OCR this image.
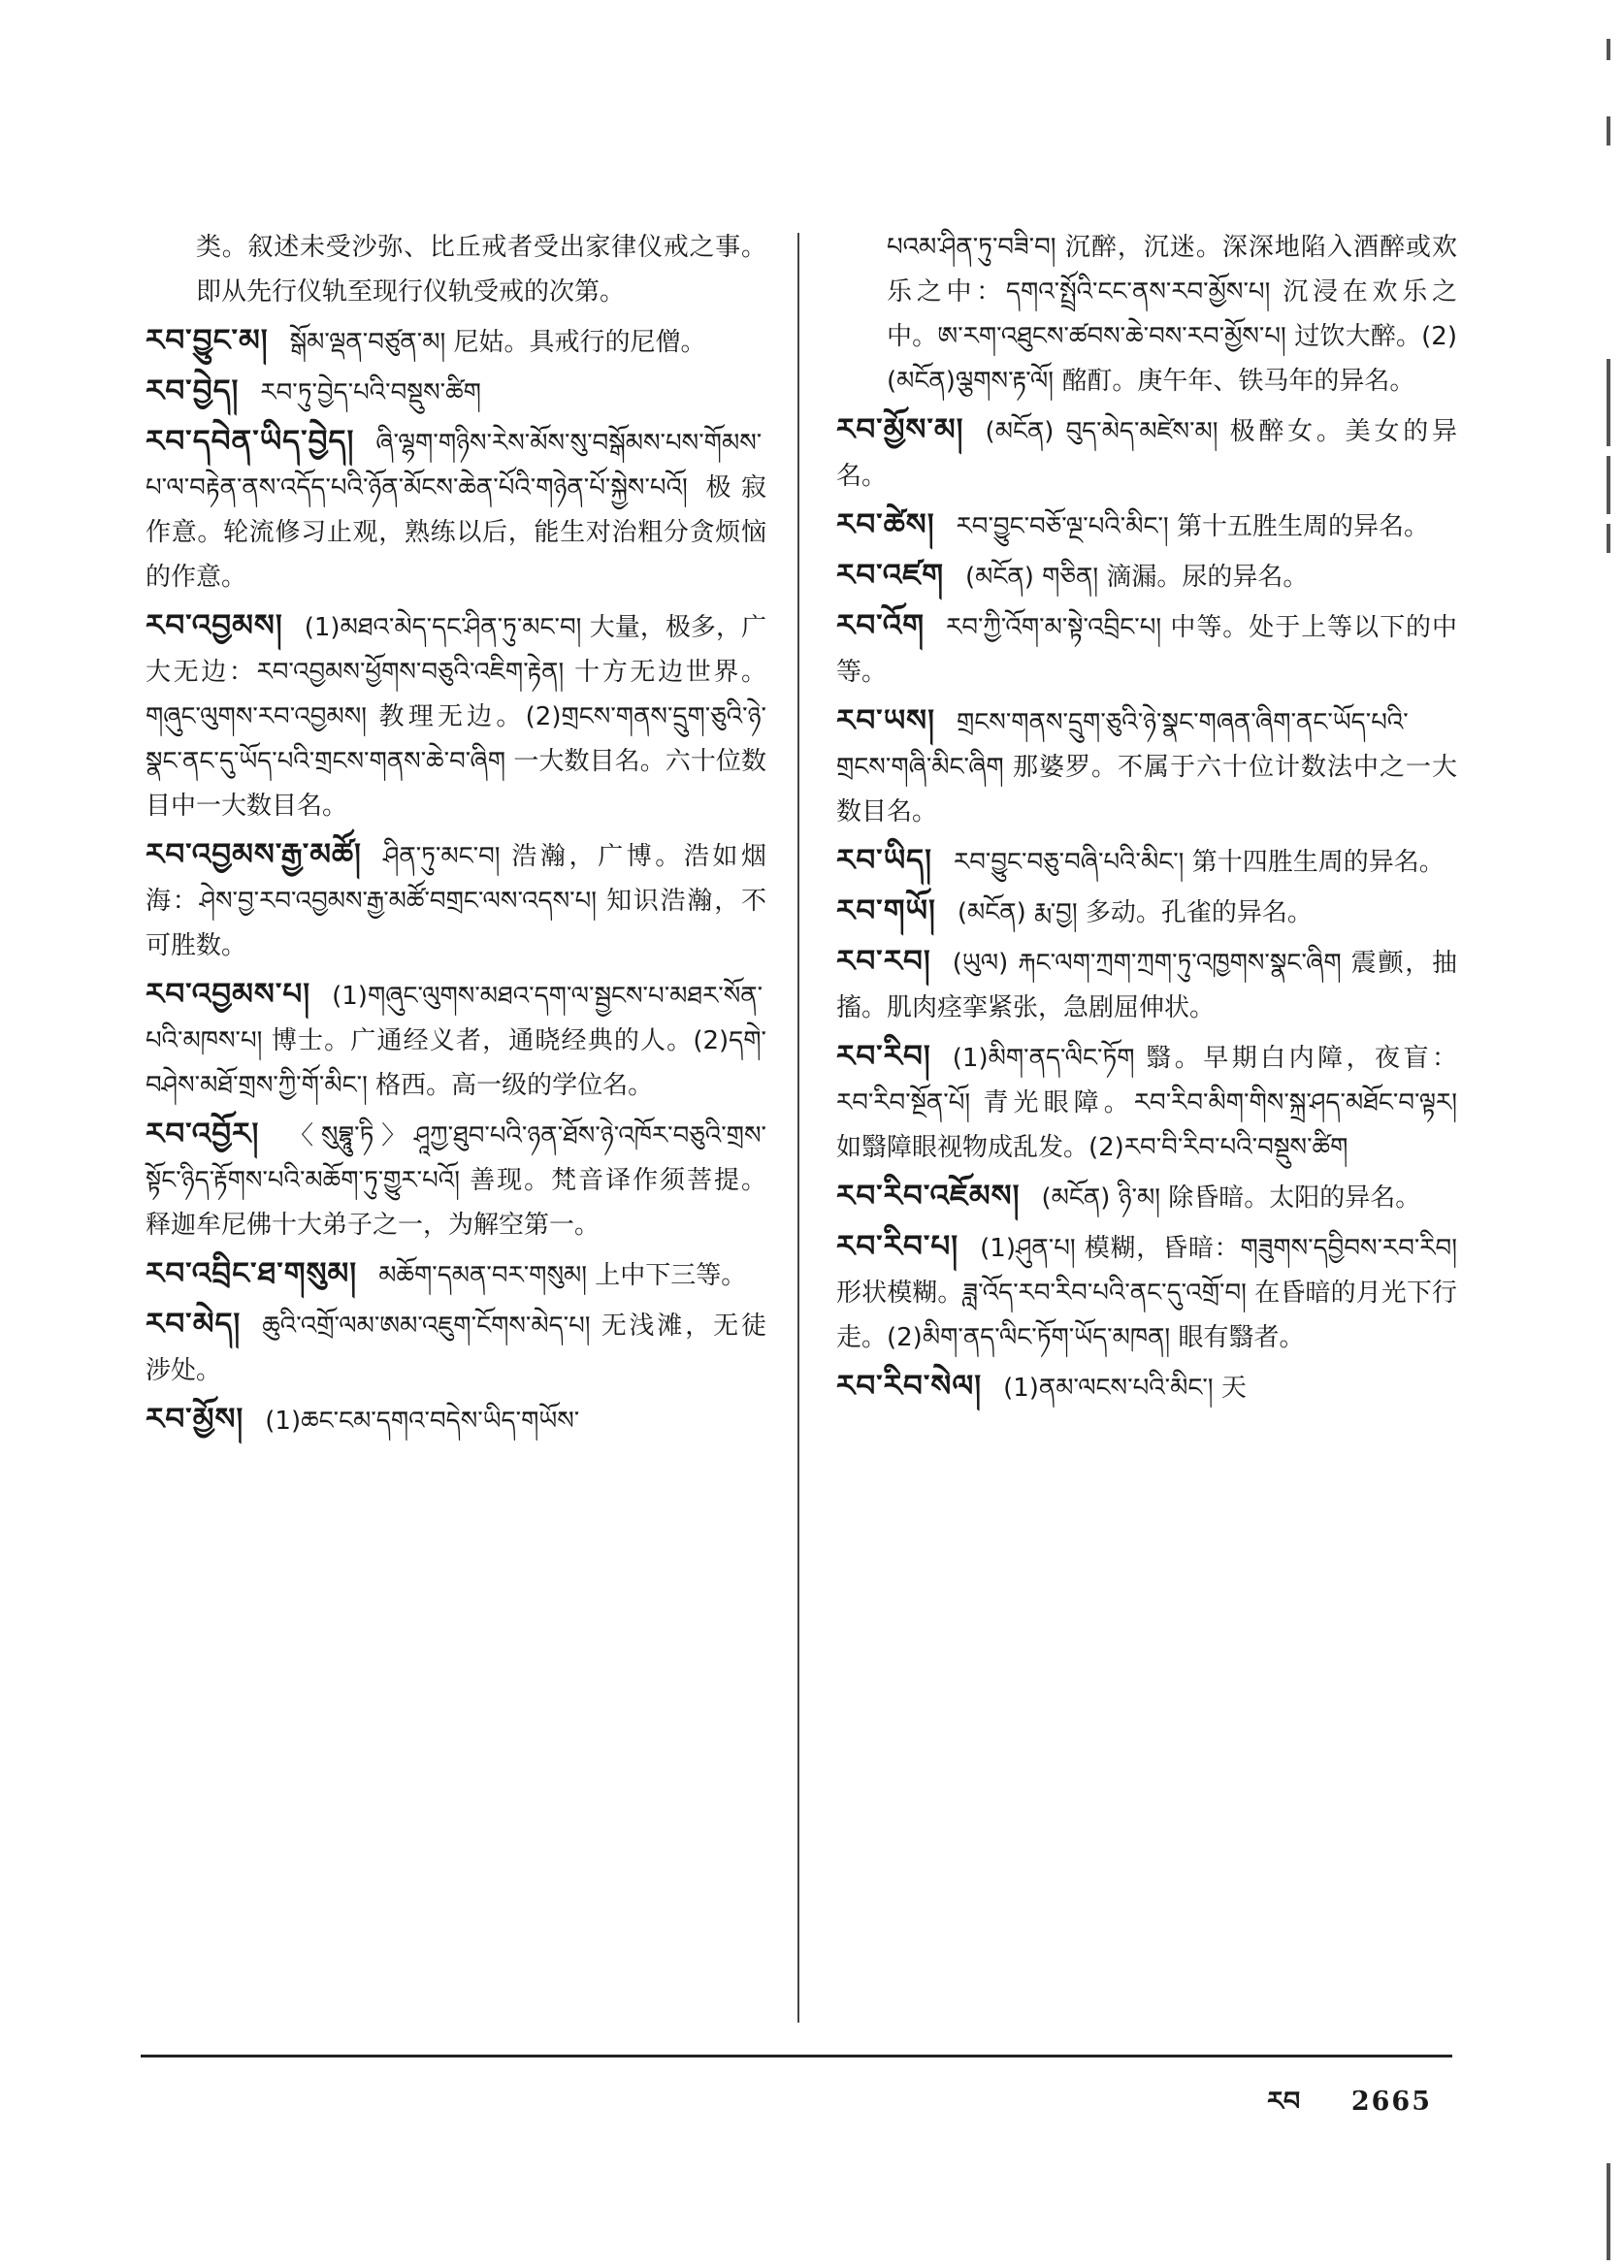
类。叙述未受沙弥、比丘戒者受出家律仪戒之事。即从先行仪轨至现行仪轨受戒的次第。
རབ་བྱུང་མ། སྒོམ་ལྡན་བཙུན་མ། 尼姑。具戒行的尼僧。
རབ་བྱེད། རབ་ཏུ་བྱེད་པའི་བསྡུས་ཚིག
རབ་དབེན་ཡིད་བྱེད། ཞི་ལྷག་གཉིས་རེས་མོས་སུ་བསྒོམས་པས་གོམས་པ་ལ་བརྟེན་ནས་འདོད་པའི་ཉོན་མོངས་ཆེན་པོའི་གཉེན་པོ་སྐྱེས་པའོ། 极寂作意。轮流修习止观，熟练以后，能生对治粗分贪烦恼的作意。
རབ་འབྱམས། (1)མཐའ་མེད་དང་ཤིན་ཏུ་མང་བ། 大量，极多，广大无边：རབ་འབྱམས་ཕྱོགས་བཅུའི་འཇིག་རྟེན། 十方无边世界。གཞུང་ལུགས་རབ་འབྱམས། 教理无边。(2)གྲངས་གནས་དྲུག་ཅུའི་ཉེ་སྣང་ནང་དུ་ཡོད་པའི་གྲངས་གནས་ཆེ་བ་ཞིག 一大数目名。六十位数目中一大数目名。
རབ་འབྱམས་རྒྱ་མཚོ། ཤིན་ཏུ་མང་བ། 浩瀚，广博。浩如烟海：ཤེས་བྱ་རབ་འབྱམས་རྒྱ་མཚོ་བགྲང་ལས་འདས་པ། 知识浩瀚，不可胜数。
རབ་འབྱམས་པ། (1)གཞུང་ལུགས་མཐའ་དག་ལ་སྦྱངས་པ་མཐར་སོན་པའི་མཁས་པ། 博士。广通经义者，通晓经典的人。(2)དགེ་བཤེས་མཐོ་གྲས་ཀྱི་གོ་མིང་། 格西。高一级的学位名。
རབ་འབྱོར། 〈སུབྷཱུ་ཏི〉ཤཱཀྱ་ཐུབ་པའི་ཉན་ཐོས་ཉེ་འཁོར་བཅུའི་གྲས་སྟོང་ཉིད་རྟོགས་པའི་མཆོག་ཏུ་གྱུར་པའོ། 善现。梵音译作须菩提。释迦牟尼佛十大弟子之一，为解空第一。
རབ་འབྲིང་ཐ་གསུམ། མཆོག་དམན་བར་གསུམ། 上中下三等。
རབ་མེད། ཆུའི་འགྲོ་ལམ་ཨམ་འཇུག་ངོགས་མེད་པ། 无浅滩，无徒涉处。
རབ་མྱོས། (1)ཆང་ངམ་དགའ་བདེས་ཡིད་གཡོས་
པའམ་ཤིན་ཏུ་བཟི་བ། 沉醉，沉迷。深深地陷入酒醉或欢乐之中：དགའ་སྤྲོའི་ངང་ནས་རབ་མྱོས་པ། 沉浸在欢乐之中。ཨ་རག་འཐུངས་ཚབས་ཆེ་བས་རབ་མྱོས་པ། 过饮大醉。(2)(མངོན)ལྕགས་རྟ་ལོ། 酩酊。庚午年、铁马年的异名。
རབ་མྱོས་མ། (མངོན) བུད་མེད་མཛེས་མ། 极醉女。美女的异名。
རབ་ཚེས། རབ་བྱུང་བཅོ་ལྔ་པའི་མིང་། 第十五胜生周的异名。
རབ་འཛག (མངོན) གཅིན། 滴漏。尿的异名。
རབ་འོག རབ་ཀྱི་འོག་མ་སྟེ་འབྲིང་པ། 中等。处于上等以下的中等。
རབ་ཡས། གྲངས་གནས་དྲུག་ཅུའི་ཉེ་སྣང་གཞན་ཞིག་ནང་ཡོད་པའི་གྲངས་གཞི་མིང་ཞིག 那婆罗。不属于六十位计数法中之一大数目名。
རབ་ཡིད། རབ་བྱུང་བཅུ་བཞི་པའི་མིང་། 第十四胜生周的异名。
རབ་གཡོ། (མངོན) རྨ་བྱ། 多动。孔雀的异名。
རབ་རབ། (ཡུལ) རྐང་ལག་ཀྲག་ཀྲག་ཏུ་འཁྱགས་སྣང་ཞིག 震颤，抽搐。肌肉痉挛紧张，急剧屈伸状。
རབ་རིབ། (1)མིག་ནད་ལིང་ཏོག 翳。早期白内障，夜盲：རབ་རིབ་སྔོན་པོ། 青光眼障。རབ་རིབ་མིག་གིས་སྐྲ་ཤད་མཐོང་བ་ལྟར། 如翳障眼视物成乱发。(2)རབ་བི་རིབ་པའི་བསྡུས་ཚིག
རབ་རིབ་འཇོམས། (མངོན) ཉི་མ། 除昏暗。太阳的异名。
རབ་རིབ་པ། (1)ཤུན་པ། 模糊，昏暗：གཟུགས་དབྱིབས་རབ་རིབ། 形状模糊。ཟླ་འོད་རབ་རིབ་པའི་ནང་དུ་འགྲོ་བ། 在昏暗的月光下行走。(2)མིག་ནད་ལིང་ཏོག་ཡོད་མཁན། 眼有翳者。
རབ་རིབ་སེལ། (1)ནམ་ལངས་པའི་མིང་། 天
རབ 2665
